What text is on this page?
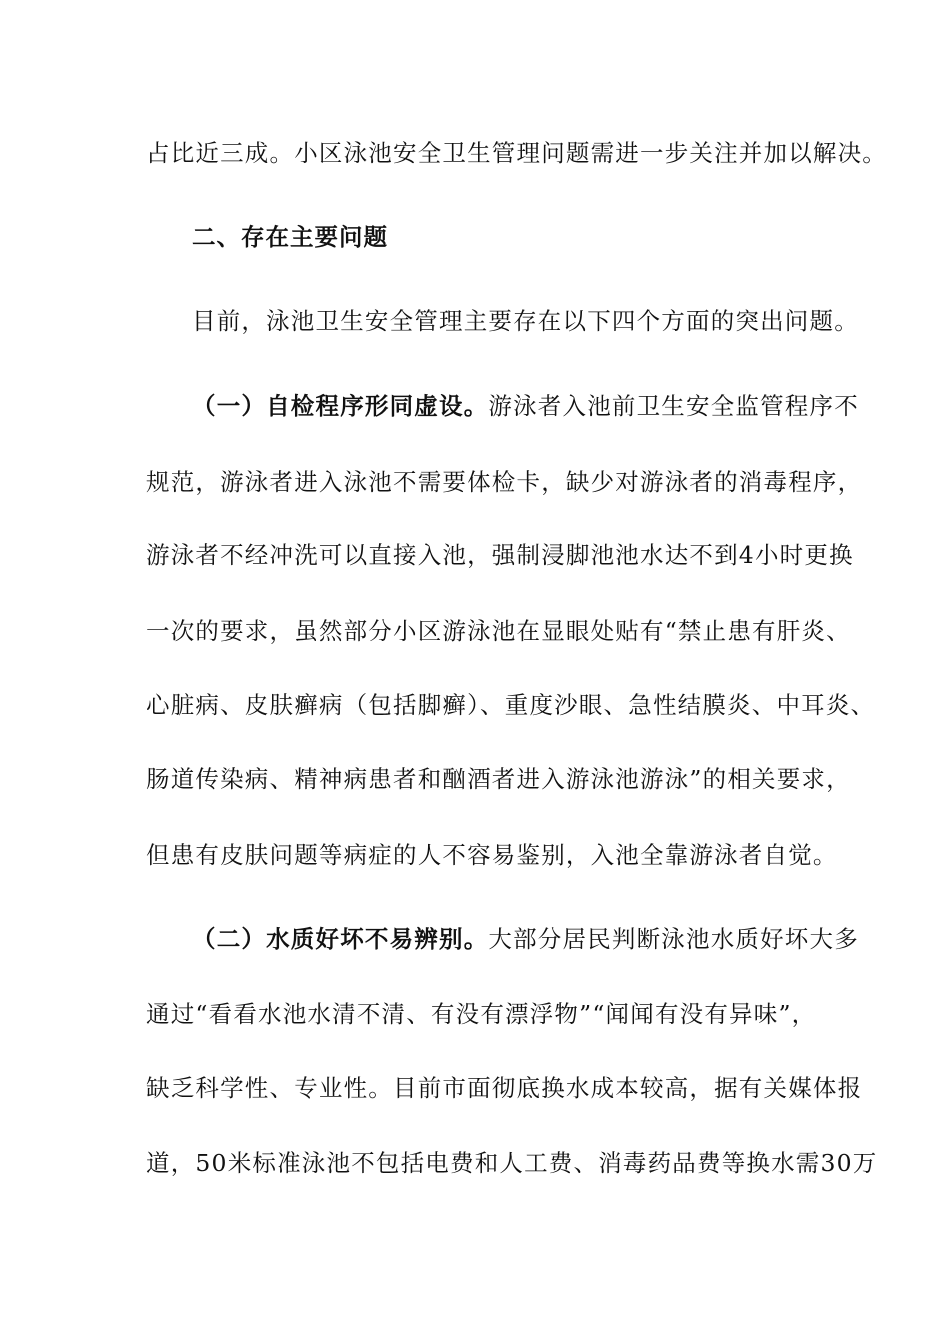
占比近三成。小区泳池安全卫生管理问题需进一步关注并加以解决。
二、存在主要问题
目前，泳池卫生安全管理主要存在以下四个方面的突出问题。
（一）自检程序形同虚设。游泳者入池前卫生安全监管程序不
规范，游泳者进入泳池不需要体检卡，缺少对游泳者的消毒程序，
游泳者不经冲洗可以直接入池，强制浸脚池池水达不到4小时更换
一次的要求，虽然部分小区游泳池在显眼处贴有“禁止患有肝炎、
心脏病、皮肤癣病（包括脚癣）、重度沙眼、急性结膜炎、中耳炎、
肠道传染病、精神病患者和酗酒者进入游泳池游泳”的相关要求，
但患有皮肤问题等病症的人不容易鉴别，入池全靠游泳者自觉。
（二）水质好坏不易辨别。大部分居民判断泳池水质好坏大多
通过“看看水池水清不清、有没有漂浮物”“闻闻有没有异味”，
缺乏科学性、专业性。目前市面彻底换水成本较高，据有关媒体报
道，50米标准泳池不包括电费和人工费、消毒药品费等换水需30万
